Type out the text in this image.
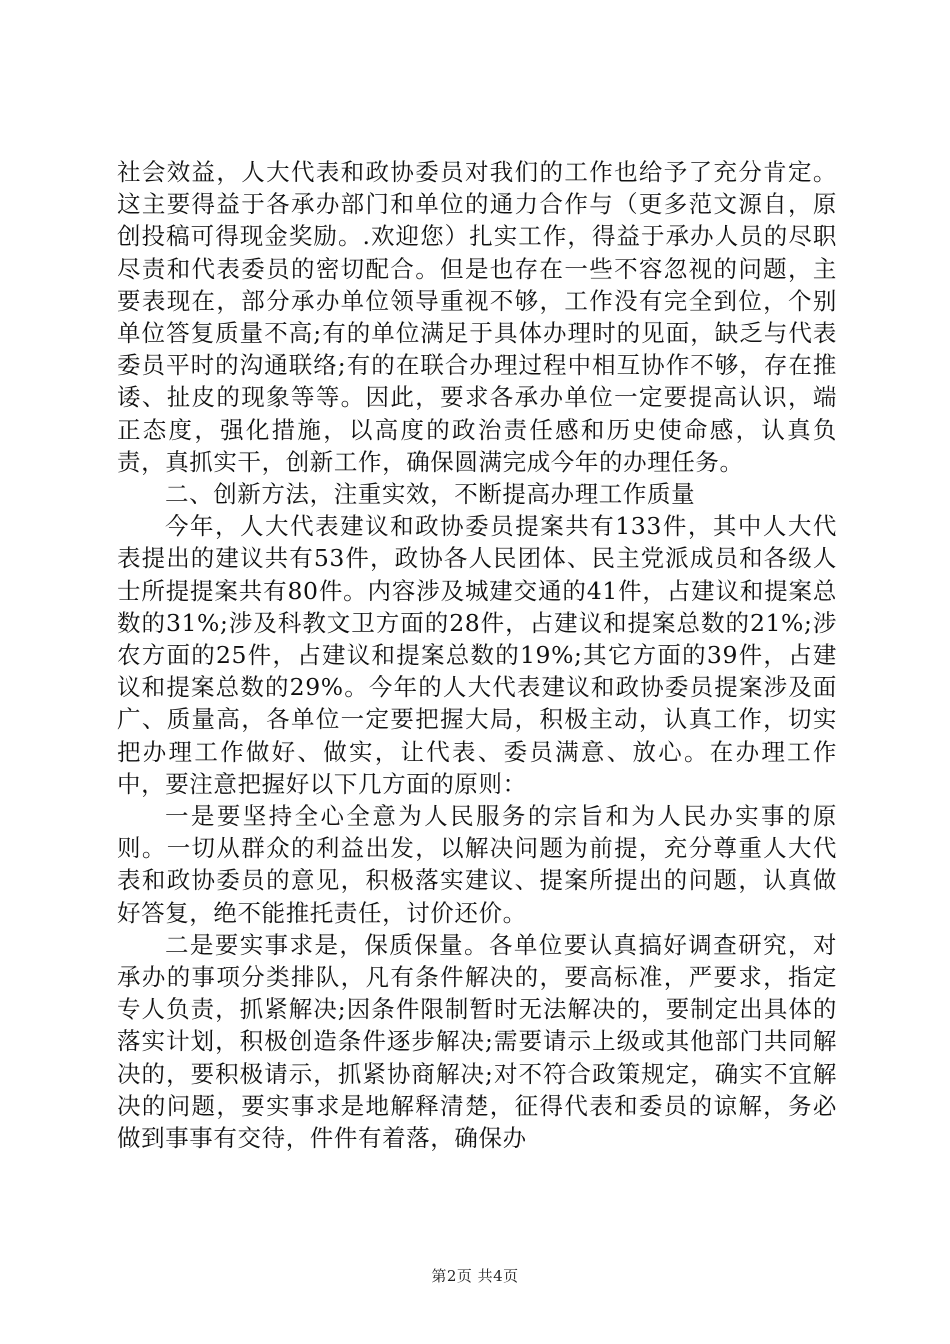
社会效益，人大代表和政协委员对我们的工作也给予了充分肯定。这主要得益于各承办部门和单位的通力合作与（更多范文源自，原创投稿可得现金奖励。.欢迎您）扎实工作，得益于承办人员的尽职尽责和代表委员的密切配合。但是也存在一些不容忽视的问题，主要表现在，部分承办单位领导重视不够，工作没有完全到位，个别单位答复质量不高;有的单位满足于具体办理时的见面，缺乏与代表委员平时的沟通联络;有的在联合办理过程中相互协作不够，存在推诿、扯皮的现象等等。因此，要求各承办单位一定要提高认识，端正态度，强化措施，以高度的政治责任感和历史使命感，认真负责，真抓实干，创新工作，确保圆满完成今年的办理任务。

二、创新方法，注重实效，不断提高办理工作质量

今年，人大代表建议和政协委员提案共有133件，其中人大代表提出的建议共有53件，政协各人民团体、民主党派成员和各级人士所提提案共有80件。内容涉及城建交通的41件，占建议和提案总数的31%;涉及科教文卫方面的28件，占建议和提案总数的21%;涉农方面的25件，占建议和提案总数的19%;其它方面的39件，占建议和提案总数的29%。今年的人大代表建议和政协委员提案涉及面广、质量高，各单位一定要把握大局，积极主动，认真工作，切实把办理工作做好、做实，让代表、委员满意、放心。在办理工作中，要注意把握好以下几方面的原则：

一是要坚持全心全意为人民服务的宗旨和为人民办实事的原则。一切从群众的利益出发，以解决问题为前提，充分尊重人大代表和政协委员的意见，积极落实建议、提案所提出的问题，认真做好答复，绝不能推托责任，讨价还价。

二是要实事求是，保质保量。各单位要认真搞好调查研究，对承办的事项分类排队，凡有条件解决的，要高标准，严要求，指定专人负责，抓紧解决;因条件限制暂时无法解决的，要制定出具体的落实计划，积极创造条件逐步解决;需要请示上级或其他部门共同解决的，要积极请示，抓紧协商解决;对不符合政策规定，确实不宜解决的问题，要实事求是地解释清楚，征得代表和委员的谅解，务必做到事事有交待，件件有着落，确保办

第2页 共4页
